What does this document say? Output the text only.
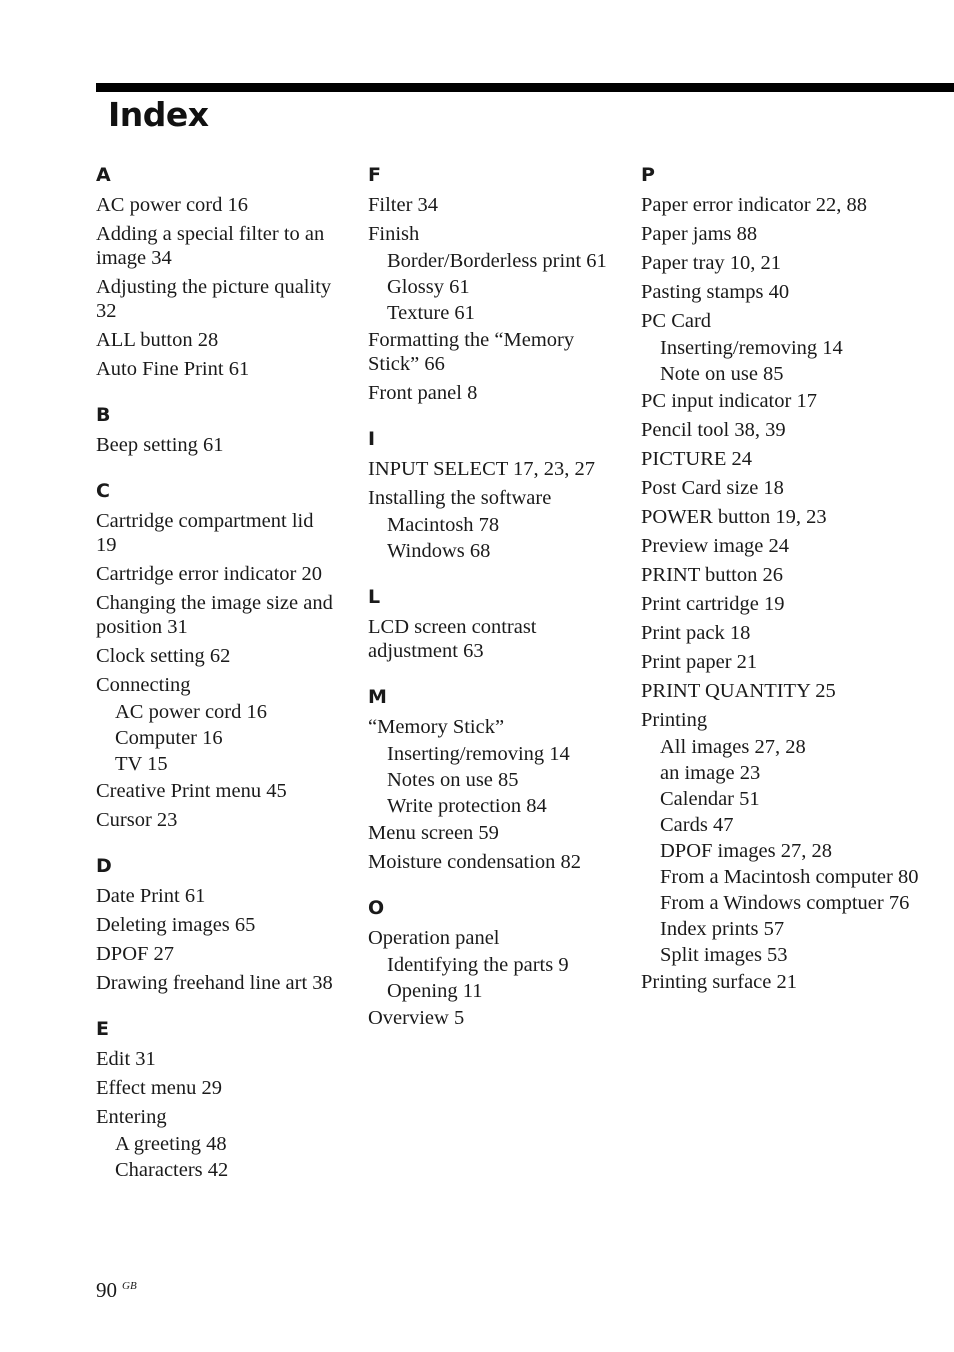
Index
A
AC power cord 16
Adding a special filter to an image 34
Adjusting the picture quality 32
ALL button 28
Auto Fine Print 61
B
Beep setting 61
C
Cartridge compartment lid 19
Cartridge error indicator 20
Changing the image size and position 31
Clock setting 62
Connecting
AC power cord 16
Computer 16
TV 15
Creative Print menu 45
Cursor 23
D
Date Print 61
Deleting images 65
DPOF 27
Drawing freehand line art 38
E
Edit 31
Effect menu 29
Entering
A greeting 48
Characters 42
F
Filter 34
Finish
Border/Borderless print 61
Glossy 61
Texture 61
Formatting the “Memory Stick” 66
Front panel 8
I
INPUT SELECT 17, 23, 27
Installing the software
Macintosh 78
Windows 68
L
LCD screen contrast adjustment 63
M
“Memory Stick”
Inserting/removing 14
Notes on use 85
Write protection 84
Menu screen 59
Moisture condensation 82
O
Operation panel
Identifying the parts 9
Opening 11
Overview 5
P
Paper error indicator 22, 88
Paper jams 88
Paper tray 10, 21
Pasting stamps 40
PC Card
Inserting/removing 14
Note on use 85
PC input indicator 17
Pencil tool 38, 39
PICTURE 24
Post Card size 18
POWER button 19, 23
Preview image 24
PRINT button 26
Print cartridge 19
Print pack 18
Print paper 21
PRINT QUANTITY 25
Printing
All images 27, 28
an image 23
Calendar 51
Cards 47
DPOF images 27, 28
From a Macintosh computer 80
From a Windows comptuer 76
Index prints 57
Split images 53
Printing surface 21
90 $^{GB}$
